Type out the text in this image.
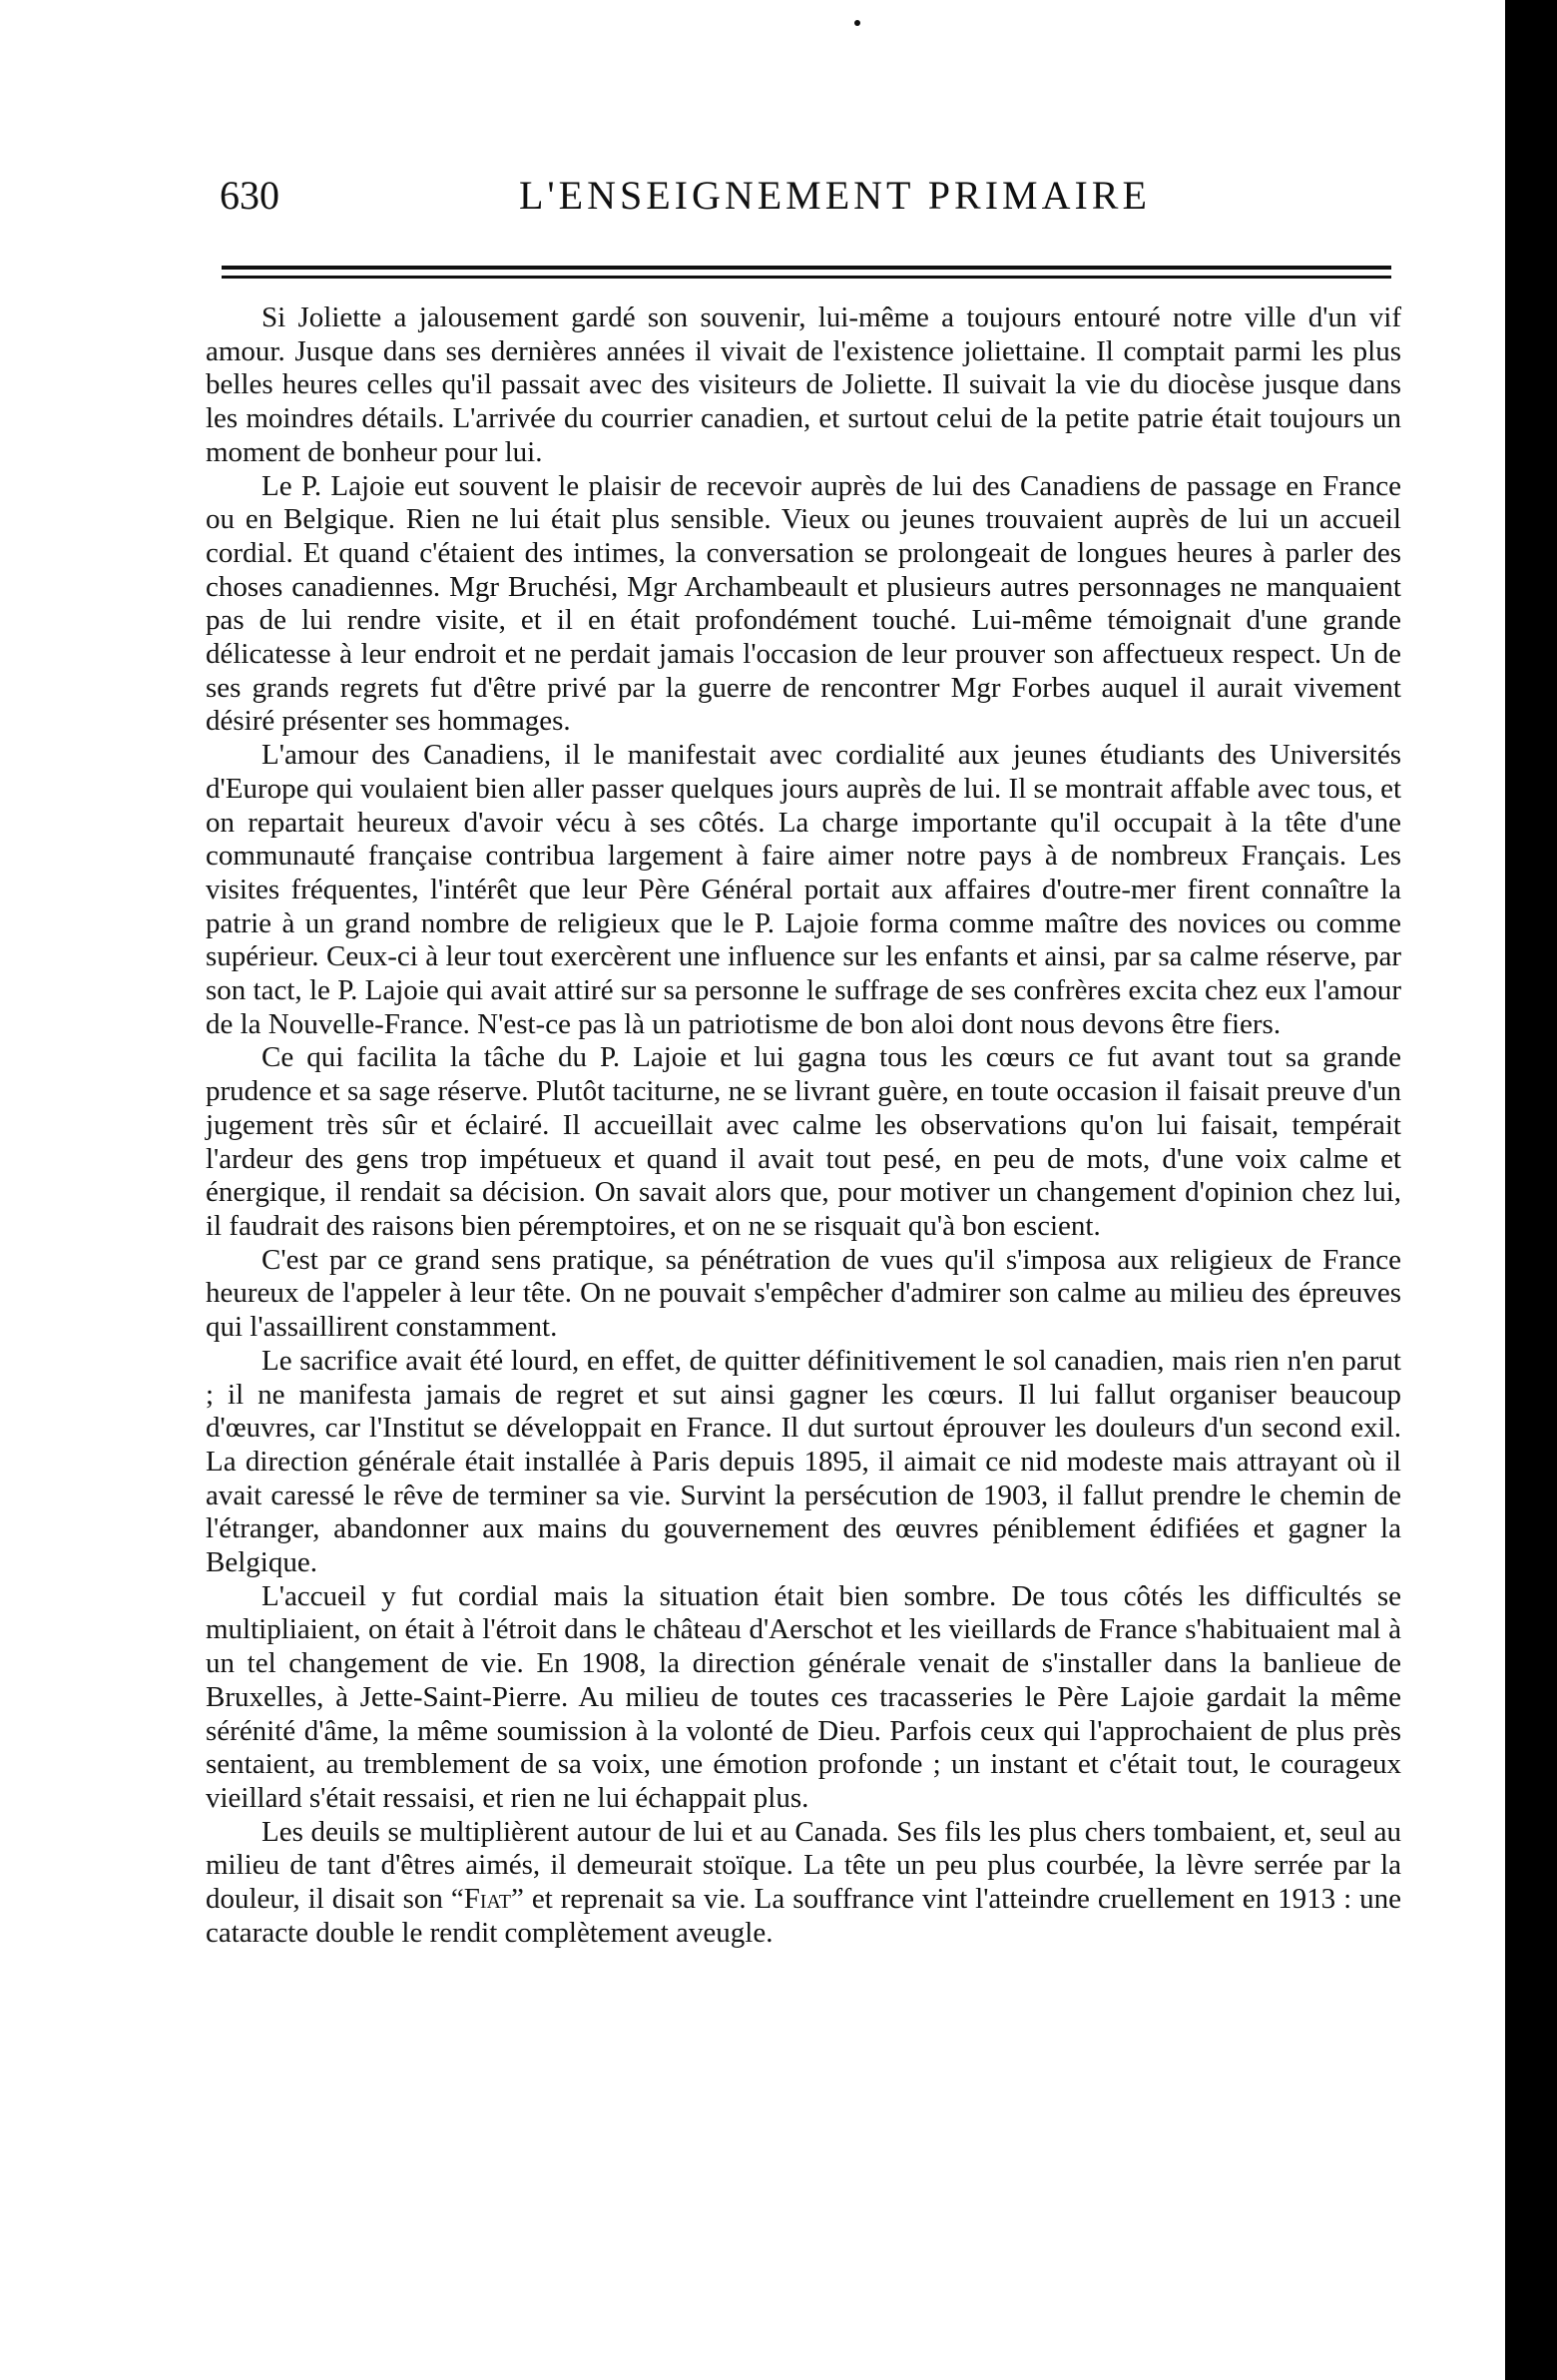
630	L'ENSEIGNEMENT PRIMAIRE

Si Joliette a jalousement gardé son souvenir, lui-même a toujours entouré notre ville d'un vif amour. Jusque dans ses dernières années il vivait de l'existence joliettaine. Il comptait parmi les plus belles heures celles qu'il passait avec des visiteurs de Joliette. Il suivait la vie du diocèse jusque dans les moindres détails. L'arrivée du courrier canadien, et surtout celui de la petite patrie était toujours un moment de bonheur pour lui.

Le P. Lajoie eut souvent le plaisir de recevoir auprès de lui des Canadiens de passage en France ou en Belgique. Rien ne lui était plus sensible. Vieux ou jeunes trouvaient auprès de lui un accueil cordial. Et quand c'étaient des intimes, la conversation se prolongeait de longues heures à parler des choses canadiennes. Mgr Bruchési, Mgr Archambeault et plusieurs autres personnages ne manquaient pas de lui rendre visite, et il en était profondément touché. Lui-même témoignait d'une grande délicatesse à leur endroit et ne perdait jamais l'occasion de leur prouver son affectueux respect. Un de ses grands regrets fut d'être privé par la guerre de rencontrer Mgr Forbes auquel il aurait vivement désiré présenter ses hommages.

L'amour des Canadiens, il le manifestait avec cordialité aux jeunes étudiants des Universités d'Europe qui voulaient bien aller passer quelques jours auprès de lui. Il se montrait affable avec tous, et on repartait heureux d'avoir vécu à ses côtés. La charge importante qu'il occupait à la tête d'une communauté française contribua largement à faire aimer notre pays à de nombreux Français. Les visites fréquentes, l'intérêt que leur Père Général portait aux affaires d'outre-mer firent connaître la patrie à un grand nombre de religieux que le P. Lajoie forma comme maître des novices ou comme supérieur. Ceux-ci à leur tout exercèrent une influence sur les enfants et ainsi, par sa calme réserve, par son tact, le P. Lajoie qui avait attiré sur sa personne le suffrage de ses confrères excita chez eux l'amour de la Nouvelle-France. N'est-ce pas là un patriotisme de bon aloi dont nous devons être fiers.

Ce qui facilita la tâche du P. Lajoie et lui gagna tous les cœurs ce fut avant tout sa grande prudence et sa sage réserve. Plutôt taciturne, ne se livrant guère, en toute occasion il faisait preuve d'un jugement très sûr et éclairé. Il accueillait avec calme les observations qu'on lui faisait, tempérait l'ardeur des gens trop impétueux et quand il avait tout pesé, en peu de mots, d'une voix calme et énergique, il rendait sa décision. On savait alors que, pour motiver un changement d'opinion chez lui, il faudrait des raisons bien péremptoires, et on ne se risquait qu'à bon escient.

C'est par ce grand sens pratique, sa pénétration de vues qu'il s'imposa aux religieux de France heureux de l'appeler à leur tête. On ne pouvait s'empêcher d'admirer son calme au milieu des épreuves qui l'assaillirent constamment.

Le sacrifice avait été lourd, en effet, de quitter définitivement le sol canadien, mais rien n'en parut ; il ne manifesta jamais de regret et sut ainsi gagner les cœurs. Il lui fallut organiser beaucoup d'œuvres, car l'Institut se développait en France. Il dut surtout éprouver les douleurs d'un second exil. La direction générale était installée à Paris depuis 1895, il aimait ce nid modeste mais attrayant où il avait caressé le rêve de terminer sa vie. Survint la persécution de 1903, il fallut prendre le chemin de l'étranger, abandonner aux mains du gouvernement des œuvres péniblement édifiées et gagner la Belgique.

L'accueil y fut cordial mais la situation était bien sombre. De tous côtés les difficultés se multipliaient, on était à l'étroit dans le château d'Aerschot et les vieillards de France s'habituaient mal à un tel changement de vie. En 1908, la direction générale venait de s'installer dans la banlieue de Bruxelles, à Jette-Saint-Pierre. Au milieu de toutes ces tracasseries le Père Lajoie gardait la même sérénité d'âme, la même soumission à la volonté de Dieu. Parfois ceux qui l'approchaient de plus près sentaient, au tremblement de sa voix, une émotion profonde ; un instant et c'était tout, le courageux vieillard s'était ressaisi, et rien ne lui échappait plus.

Les deuils se multiplièrent autour de lui et au Canada. Ses fils les plus chers tombaient, et, seul au milieu de tant d'êtres aimés, il demeurait stoïque. La tête un peu plus courbée, la lèvre serrée par la douleur, il disait son “Fiat” et reprenait sa vie. La souffrance vint l'atteindre cruellement en 1913 : une cataracte double le rendit complètement aveugle.
